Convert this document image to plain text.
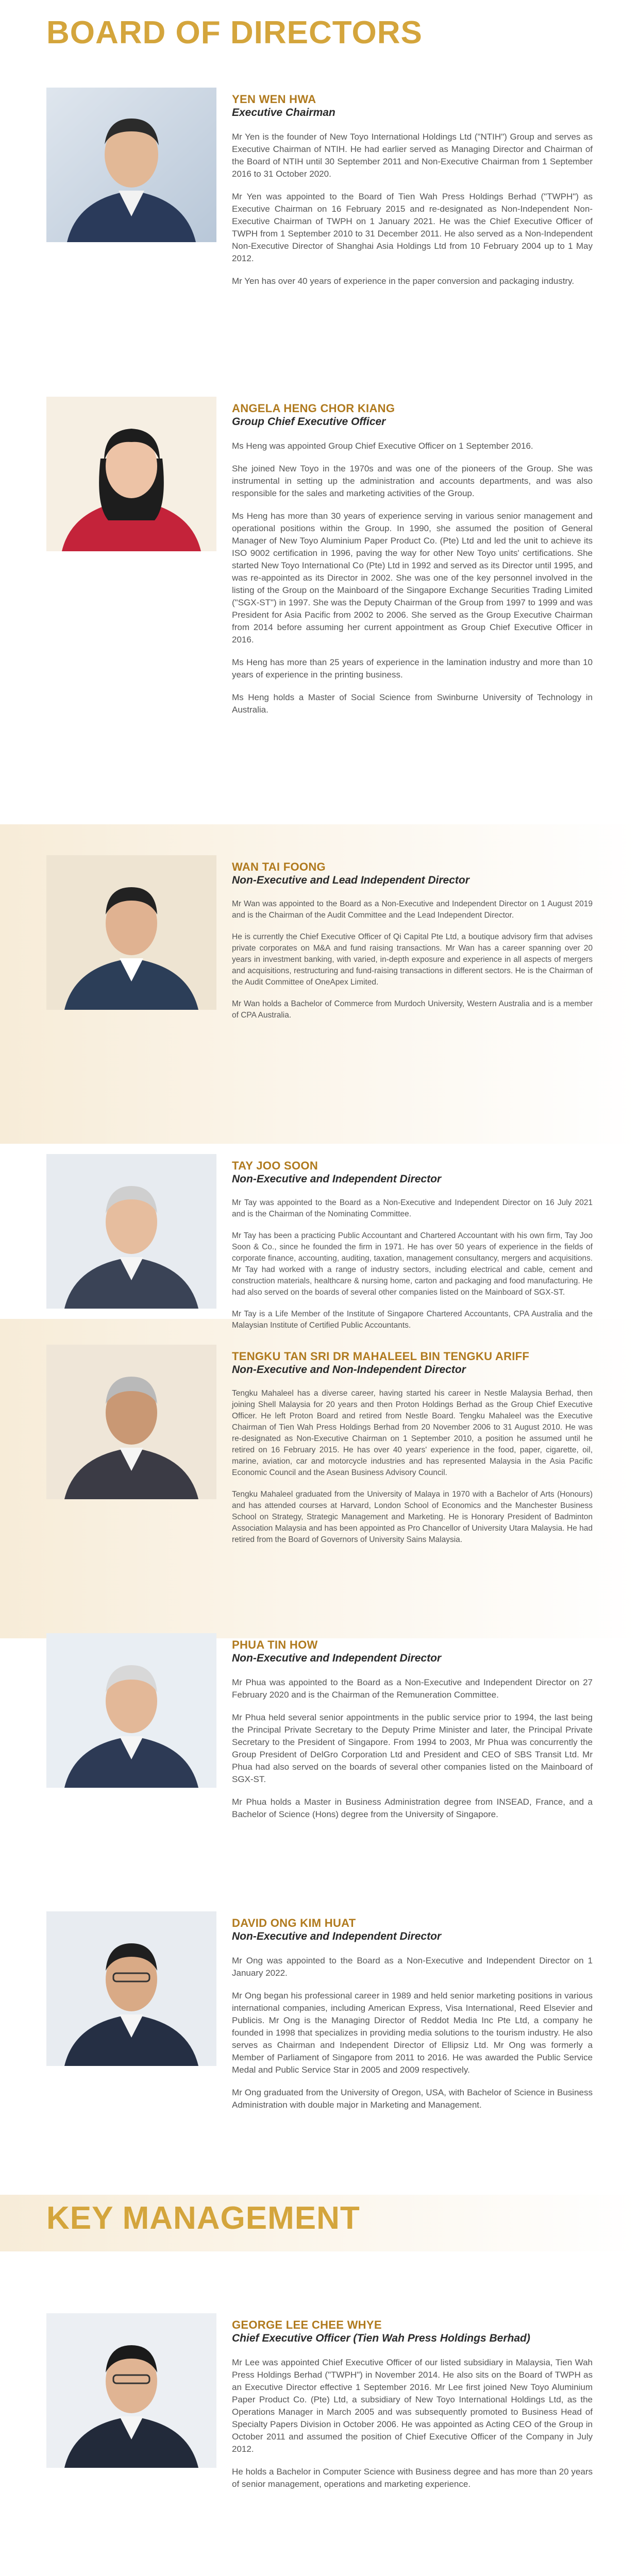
BOARD OF DIRECTORS
YEN WEN HWA
Executive Chairman

Mr Yen is the founder of New Toyo International Holdings Ltd ("NTIH") Group and serves as Executive Chairman of NTIH. He had earlier served as Managing Director and Chairman of the Board of NTIH until 30 September 2011 and Non-Executive Chairman from 1 September 2016 to 31 October 2020.

Mr Yen was appointed to the Board of Tien Wah Press Holdings Berhad ("TWPH") as Executive Chairman on 16 February 2015 and re-designated as Non-Independent Non-Executive Chairman of TWPH on 1 January 2021. He was the Chief Executive Officer of TWPH from 1 September 2010 to 31 December 2011. He also served as a Non-Independent Non-Executive Director of Shanghai Asia Holdings Ltd from 10 February 2004 up to 1 May 2012.

Mr Yen has over 40 years of experience in the paper conversion and packaging industry.

ANGELA HENG CHOR KIANG
Group Chief Executive Officer

Ms Heng was appointed Group Chief Executive Officer on 1 September 2016.

She joined New Toyo in the 1970s and was one of the pioneers of the Group. She was instrumental in setting up the administration and accounts departments, and was also responsible for the sales and marketing activities of the Group.

Ms Heng has more than 30 years of experience serving in various senior management and operational positions within the Group. In 1990, she assumed the position of General Manager of New Toyo Aluminium Paper Product Co. (Pte) Ltd and led the unit to achieve its ISO 9002 certification in 1996, paving the way for other New Toyo units' certifications. She started New Toyo International Co (Pte) Ltd in 1992 and served as its Director until 1995, and was re-appointed as its Director in 2002. She was one of the key personnel involved in the listing of the Group on the Mainboard of the Singapore Exchange Securities Trading Limited ("SGX-ST") in 1997. She was the Deputy Chairman of the Group from 1997 to 1999 and was President for Asia Pacific from 2002 to 2006. She served as the Group Executive Chairman from 2014 before assuming her current appointment as Group Chief Executive Officer in 2016.

Ms Heng has more than 25 years of experience in the lamination industry and more than 10 years of experience in the printing business.

Ms Heng holds a Master of Social Science from Swinburne University of Technology in Australia.

WAN TAI FOONG
Non-Executive and Lead Independent Director

Mr Wan was appointed to the Board as a Non-Executive and Independent Director on 1 August 2019 and is the Chairman of the Audit Committee and the Lead Independent Director.

He is currently the Chief Executive Officer of Qi Capital Pte Ltd, a boutique advisory firm that advises private corporates on M&A and fund raising transactions. Mr Wan has a career spanning over 20 years in investment banking, with varied, in-depth exposure and experience in all aspects of mergers and acquisitions, restructuring and fund-raising transactions in different sectors. He is the Chairman of the Audit Committee of OneApex Limited.

Mr Wan holds a Bachelor of Commerce from Murdoch University, Western Australia and is a member of CPA Australia.

TAY JOO SOON
Non-Executive and Independent Director

Mr Tay was appointed to the Board as a Non-Executive and Independent Director on 16 July 2021 and is the Chairman of the Nominating Committee.

Mr Tay has been a practicing Public Accountant and Chartered Accountant with his own firm, Tay Joo Soon & Co., since he founded the firm in 1971. He has over 50 years of experience in the fields of corporate finance, accounting, auditing, taxation, management consultancy, mergers and acquisitions. Mr Tay had worked with a range of industry sectors, including electrical and cable, cement and construction materials, healthcare & nursing home, carton and packaging and food manufacturing. He had also served on the boards of several other companies listed on the Mainboard of SGX-ST.

Mr Tay is a Life Member of the Institute of Singapore Chartered Accountants, CPA Australia and the Malaysian Institute of Certified Public Accountants.

TENGKU TAN SRI DR MAHALEEL BIN TENGKU ARIFF
Non-Executive and Non-Independent Director

Tengku Mahaleel has a diverse career, having started his career in Nestle Malaysia Berhad, then joining Shell Malaysia for 20 years and then Proton Holdings Berhad as the Group Chief Executive Officer. He left Proton Board and retired from Nestle Board. Tengku Mahaleel was the Executive Chairman of Tien Wah Press Holdings Berhad from 20 November 2006 to 31 August 2010. He was re-designated as Non-Executive Chairman on 1 September 2010, a position he assumed until he retired on 16 February 2015. He has over 40 years' experience in the food, paper, cigarette, oil, marine, aviation, car and motorcycle industries and has represented Malaysia in the Asia Pacific Economic Council and the Asean Business Advisory Council.

Tengku Mahaleel graduated from the University of Malaya in 1970 with a Bachelor of Arts (Honours) and has attended courses at Harvard, London School of Economics and the Manchester Business School on Strategy, Strategic Management and Marketing. He is Honorary President of Badminton Association Malaysia and has been appointed as Pro Chancellor of University Utara Malaysia. He had retired from the Board of Governors of University Sains Malaysia.

PHUA TIN HOW
Non-Executive and Independent Director

Mr Phua was appointed to the Board as a Non-Executive and Independent Director on 27 February 2020 and is the Chairman of the Remuneration Committee.

Mr Phua held several senior appointments in the public service prior to 1994, the last being the Principal Private Secretary to the Deputy Prime Minister and later, the Principal Private Secretary to the President of Singapore. From 1994 to 2003, Mr Phua was concurrently the Group President of DelGro Corporation Ltd and President and CEO of SBS Transit Ltd. Mr Phua had also served on the boards of several other companies listed on the Mainboard of SGX-ST.

Mr Phua holds a Master in Business Administration degree from INSEAD, France, and a Bachelor of Science (Hons) degree from the University of Singapore.

DAVID ONG KIM HUAT
Non-Executive and Independent Director

Mr Ong was appointed to the Board as a Non-Executive and Independent Director on 1 January 2022.

Mr Ong began his professional career in 1989 and held senior marketing positions in various international companies, including American Express, Visa International, Reed Elsevier and Publicis. Mr Ong is the Managing Director of Reddot Media Inc Pte Ltd, a company he founded in 1998 that specializes in providing media solutions to the tourism industry. He also serves as Chairman and Independent Director of Ellipsiz Ltd. Mr Ong was formerly a Member of Parliament of Singapore from 2011 to 2016. He was awarded the Public Service Medal and Public Service Star in 2005 and 2009 respectively.

Mr Ong graduated from the University of Oregon, USA, with Bachelor of Science in Business Administration with double major in Marketing and Management.

KEY MANAGEMENT
GEORGE LEE CHEE WHYE
Chief Executive Officer (Tien Wah Press Holdings Berhad)

Mr Lee was appointed Chief Executive Officer of our listed subsidiary in Malaysia, Tien Wah Press Holdings Berhad ("TWPH") in November 2014. He also sits on the Board of TWPH as an Executive Director effective 1 September 2016. Mr Lee first joined New Toyo Aluminium Paper Product Co. (Pte) Ltd, a subsidiary of New Toyo International Holdings Ltd, as the Operations Manager in March 2005 and was subsequently promoted to Business Head of Specialty Papers Division in October 2006. He was appointed as Acting CEO of the Group in October 2011 and assumed the position of Chief Executive Officer of the Company in July 2012.

He holds a Bachelor in Computer Science with Business degree and has more than 20 years of senior management, operations and marketing experience.
